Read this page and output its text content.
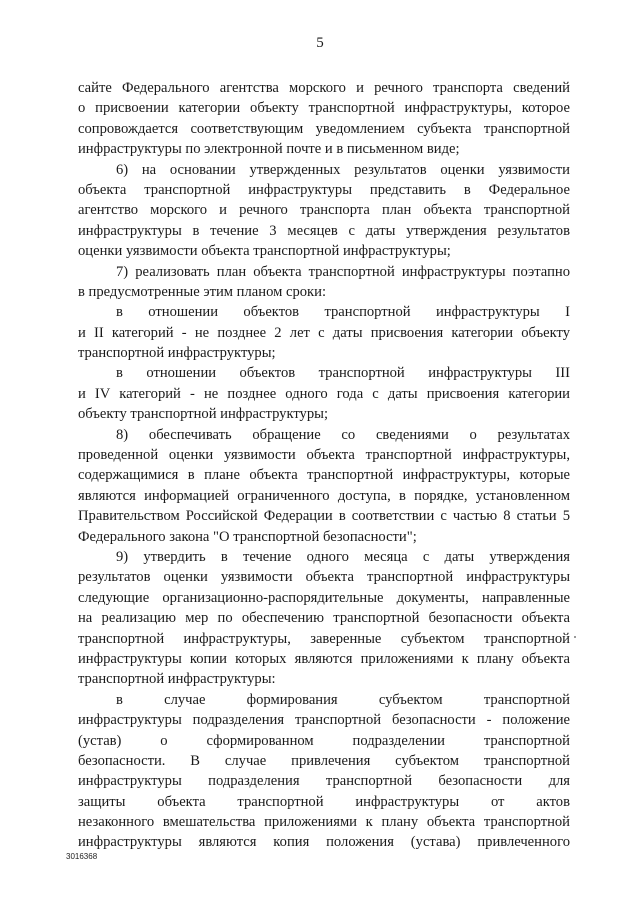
5
сайте Федерального агентства морского и речного транспорта сведений
о присвоении категории объекту транспортной инфраструктуры, которое
сопровождается соответствующим уведомлением субъекта транспортной
инфраструктуры по электронной почте и в письменном виде;
6) на основании утвержденных результатов оценки уязвимости
объекта транспортной инфраструктуры представить в Федеральное
агентство морского и речного транспорта план объекта транспортной
инфраструктуры в течение 3 месяцев с даты утверждения результатов
оценки уязвимости объекта транспортной инфраструктуры;
7) реализовать план объекта транспортной инфраструктуры поэтапно
в предусмотренные этим планом сроки:
в отношении объектов транспортной инфраструктуры I
и II категорий - не позднее 2 лет с даты присвоения категории объекту
транспортной инфраструктуры;
в отношении объектов транспортной инфраструктуры III
и IV категорий - не позднее одного года с даты присвоения категории
объекту транспортной инфраструктуры;
8) обеспечивать обращение со сведениями о результатах
проведенной оценки уязвимости объекта транспортной инфраструктуры,
содержащимися в плане объекта транспортной инфраструктуры, которые
являются информацией ограниченного доступа, в порядке, установленном
Правительством Российской Федерации в соответствии с частью 8 статьи 5
Федерального закона "О транспортной безопасности";
9) утвердить в течение одного месяца с даты утверждения
результатов оценки уязвимости объекта транспортной инфраструктуры
следующие организационно-распорядительные документы, направленные
на реализацию мер по обеспечению транспортной безопасности объекта
транспортной инфраструктуры, заверенные субъектом транспортной
инфраструктуры копии которых являются приложениями к плану объекта
транспортной инфраструктуры:
в случае формирования субъектом транспортной
инфраструктуры подразделения транспортной безопасности - положение
(устав) о сформированном подразделении транспортной
безопасности. В случае привлечения субъектом транспортной
инфраструктуры подразделения транспортной безопасности для
защиты объекта транспортной инфраструктуры от актов
незаконного вмешательства приложениями к плану объекта транспортной
инфраструктуры являются копия положения (устава) привлеченного
3016368
